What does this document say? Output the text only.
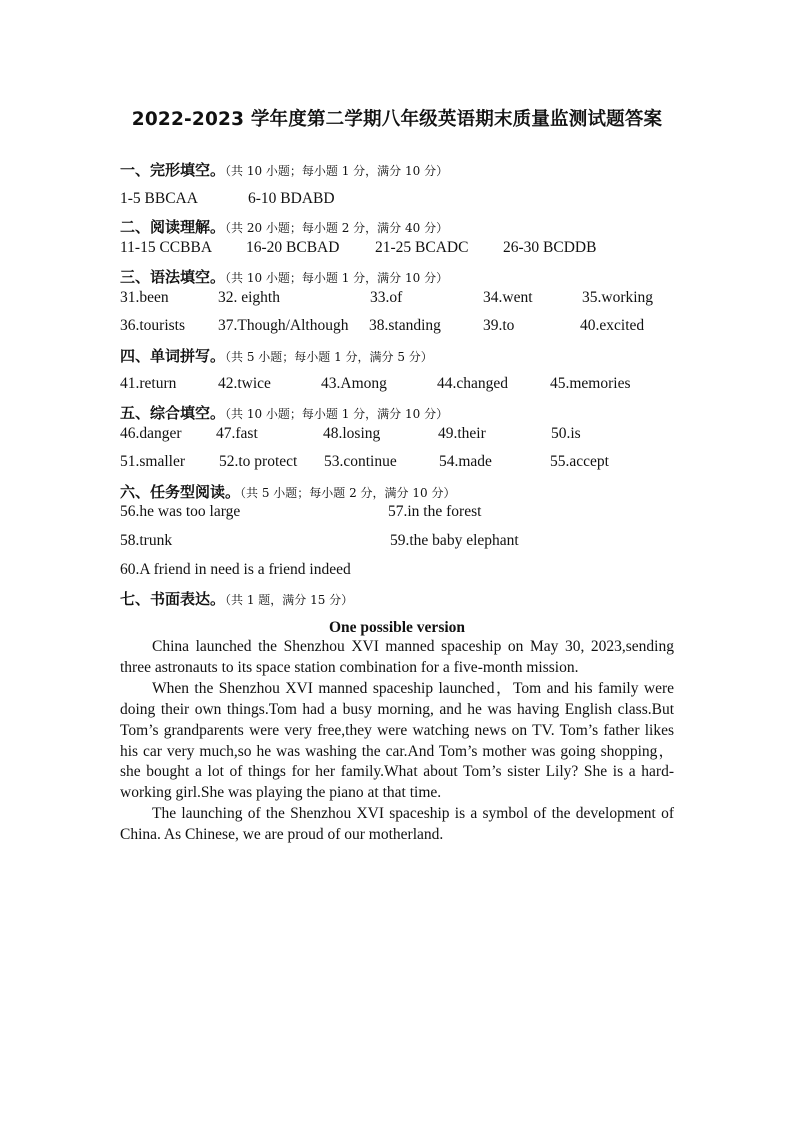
2022-2023 学年度第二学期八年级英语期末质量监测试题答案
一、完形填空。（共 10 小题；每小题 1 分，满分 10 分）
1-5 BBCAA	6-10 BDABD
二、阅读理解。（共 20 小题；每小题 2 分，满分 40 分）
11-15 CCBBA 16-20 BCBAD 21-25 BCADC 26-30 BCDDB
三、语法填空。（共 10 小题；每小题 1 分，满分 10 分）
31.been	32. eighth	33.of	34.went	35.working
36.tourists 37.Though/Although 38.standing	39.to	40.excited
四、单词拼写。（共 5 小题；每小题 1 分，满分 5 分）
41.return	42.twice	43.Among	44.changed	45.memories
五、综合填空。（共 10 小题；每小题 1 分，满分 10 分）
46.danger 47.fast	48.losing	49.their	50.is
51.smaller 52.to protect 53.continue	54.made	55.accept
六、任务型阅读。（共 5 小题；每小题 2 分，满分 10 分）
56.he was too large	57.in the forest
58.trunk	59.the baby elephant
60.A friend in need is a friend indeed
七、书面表达。（共 1 题，满分 15 分）
One possible version

China launched the Shenzhou XVI manned spaceship on May 30, 2023,sending three astronauts to its space station combination for a five-month mission.

When the Shenzhou XVI manned spaceship launched，Tom and his family were doing their own things.Tom had a busy morning, and he was having English class.But Tom’s grandparents were very free,they were watching news on TV. Tom’s father likes his car very much,so he was washing the car.And Tom’s mother was going shopping，she bought a lot of things for her family.What about Tom’s sister Lily? She is a hard-working girl.She was playing the piano at that time.

The launching of the Shenzhou XVI spaceship is a symbol of the development of China. As Chinese, we are proud of our motherland.
